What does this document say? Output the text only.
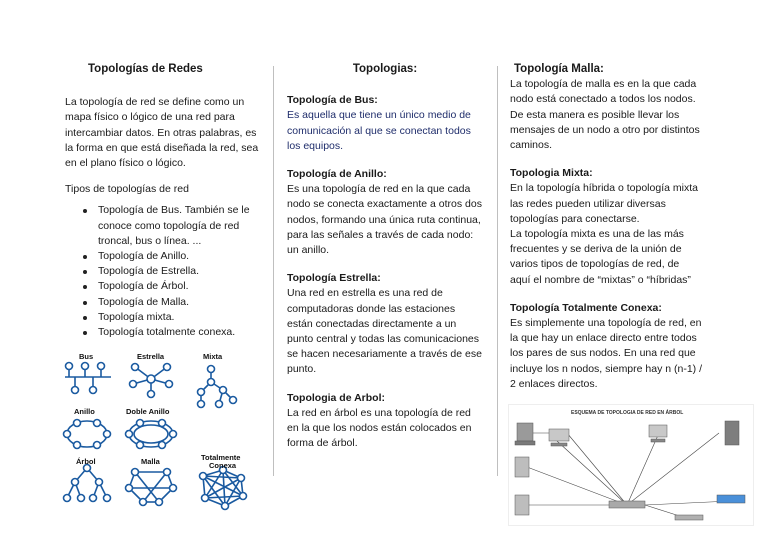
Topologías de Redes

La topología de red se define como un mapa físico o lógico de una red para intercambiar datos. En otras palabras, es la forma en que está diseñada la red, sea en el plano físico o lógico.

Tipos de topologías de red

Topología de Bus. También se le conoce como topología de red troncal, bus o línea. ...
Topología de Anillo.
Topología de Estrella.
Topología de Árbol.
Topología de Malla.
Topología mixta.
Topología totalmente conexa.
Bus	Estrella	Mixta
Anillo	Doble Anillo
Árbol	Malla	Totalmente
Conexa
Topologias:

Topología de Bus:

Es aquella que tiene un único medio de comunicación al que se conectan todos los equipos.

Topología de Anillo:

Es una topología de red en la que cada nodo se conecta exactamente a otros dos nodos, formando una única ruta continua, para las señales a través de cada nodo: un anillo.

Topología Estrella:

Una red en estrella es una red de computadoras donde las estaciones están conectadas directamente a un punto central y todas las comunicaciones se hacen necesariamente a través de ese punto.

Topologia de Arbol:

La red en árbol es una topología de red en la que los nodos están colocados en forma de árbol.

Topología Malla:

La topología de malla es en la que cada nodo está conectado a todos los nodos. De esta manera es posible llevar los mensajes de un nodo a otro por distintos caminos.

Topologia Mixta:

En la topología híbrida o topología mixta las redes pueden utilizar diversas topologías para conectarse.

La topología mixta es una de las más frecuentes y se deriva de la unión de varios tipos de topologías de red, de aquí el nombre de “mixtas” o “híbridas”

Topología Totalmente Conexa:

Es simplemente una topología de red, en la que hay un enlace directo entre todos los pares de sus nodos. En una red que incluye los n nodos, siempre hay n (n-1) / 2 enlaces directos.

ESQUEMA DE TOPOLOGIA DE RED EN ÁRBOL
